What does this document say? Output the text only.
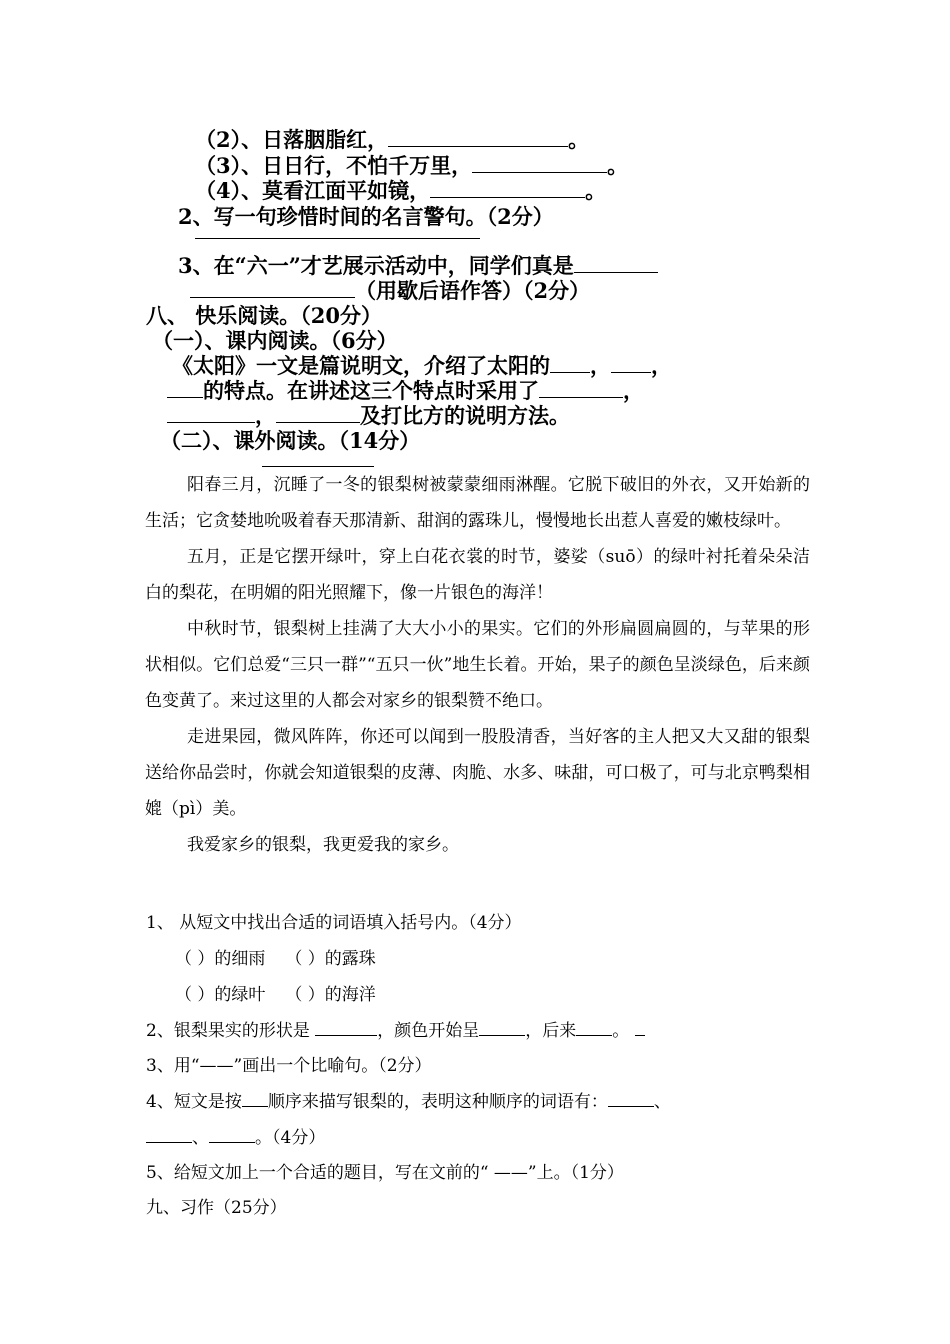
（2）、日落胭脂红，	。
（3）、日日行，不怕千万里，	。
（4）、莫看江面平如镜，	。
2、写一句珍惜时间的名言警句。（2分）
3、在“六一”才艺展示活动中，同学们真是
（用歇后语作答）（2分）
八、 快乐阅读。（20分）
（一）、课内阅读。（6分）
《太阳》一文是篇说明文，介绍了太阳的 ， ，
的特点。在讲述这三个特点时采用了	，
，	及打比方的说明方法。
（二）、课外阅读。（14分）

阳春三月，沉睡了一冬的银梨树被蒙蒙细雨淋醒。它脱下破旧的外衣，又开始新的生活；它贪婪地吮吸着春天那清新、甜润的露珠儿，慢慢地长出惹人喜爱的嫩枝绿叶。

五月，正是它摆开绿叶，穿上白花衣裳的时节，婆娑（suō）的绿叶衬托着朵朵洁白的梨花，在明媚的阳光照耀下，像一片银色的海洋！

中秋时节，银梨树上挂满了大大小小的果实。它们的外形扁圆扁圆的，与苹果的形状相似。它们总爱“三只一群”“五只一伙”地生长着。开始，果子的颜色呈淡绿色，后来颜色变黄了。来过这里的人都会对家乡的银梨赞不绝口。

走进果园，微风阵阵，你还可以闻到一股股清香，当好客的主人把又大又甜的银梨送给你品尝时，你就会知道银梨的皮薄、肉脆、水多、味甜，可口极了，可与北京鸭梨相媲（pì）美。

我爱家乡的银梨，我更爱我的家乡。

1、 从短文中找出合适的词语填入括号内。（4分）
（ ）的细雨 （ ）的露珠
（ ）的绿叶 （ ）的海洋
2、银梨果实的形状是	，颜色开始呈	，后来 。
3、用“——”画出一个比喻句。（2分）
4、短文是按 顺序来描写银梨的，表明这种顺序的词语有：	、
、	。（4分）
5、给短文加上一个合适的题目，写在文前的“ ——”上。（1分）
九、习作（25分）
